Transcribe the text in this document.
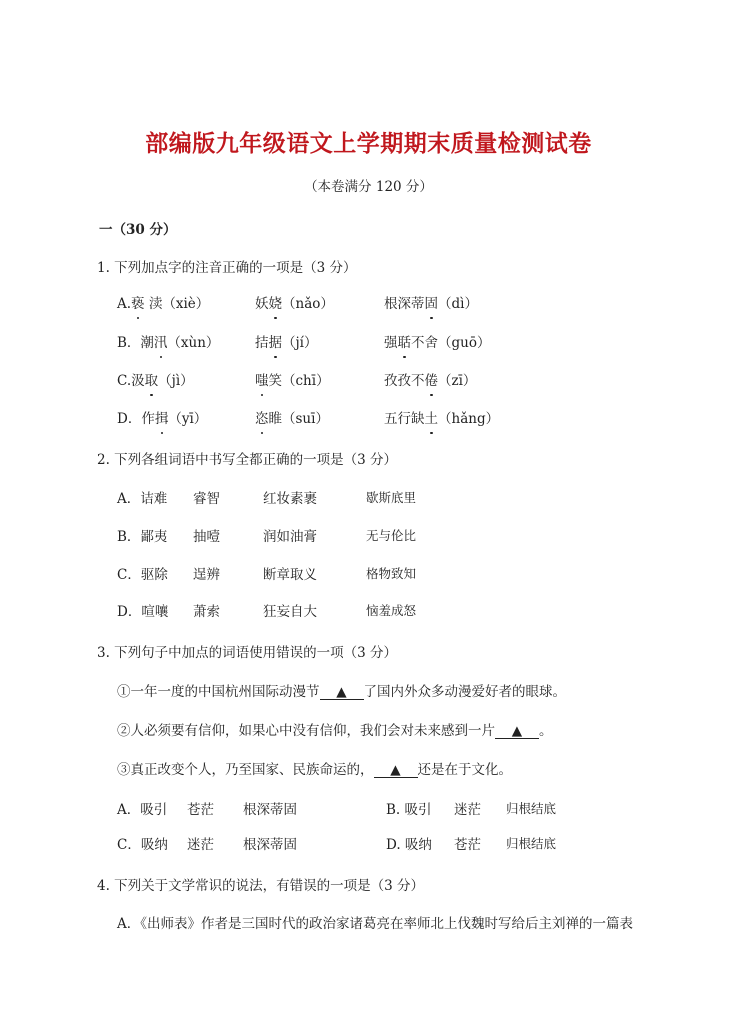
部编版九年级语文上学期期末质量检测试卷
（本卷满分 120 分）
一（30 分）
1. 下列加点字的注音正确的一项是（3 分）
A.亵 渎（xiè）	妖娆（nǎo）	根深蒂固（dì）
B．潮汛（xùn）	拮据（jí）	强聒不舍（guō）
C.汲取（jì）	嗤笑（chī）	孜孜不倦（zī）
D．作揖（yī）	恣睢（suī）	五行缺土（hǎng）
2. 下列各组词语中书写全都正确的一项是（3 分）
A．诘难 睿智	红妆素裹	歇斯底里
B．鄙夷 抽噎	润如油膏	无与伦比
C．驱除 逞辨	断章取义	格物致知
D．喧嚷 萧索	狂妄自大	恼羞成怒
3. 下列句子中加点的词语使用错误的一项（3 分）
①一年一度的中国杭州国际动漫节 ▲ 了国内外众多动漫爱好者的眼球。
②人必须要有信仰，如果心中没有信仰，我们会对未来感到一片 ▲ 。
③真正改变个人，乃至国家、民族命运的， ▲ 还是在于文化。
A．吸引 苍茫 根深蒂固	B. 吸引 迷茫 归根结底
C．吸纳 迷茫 根深蒂固	D. 吸纳 苍茫 归根结底
4. 下列关于文学常识的说法，有错误的一项是（3 分）
A．《出师表》作者是三国时代的政治家诸葛亮在率师北上伐魏时写给后主刘禅的一篇表
